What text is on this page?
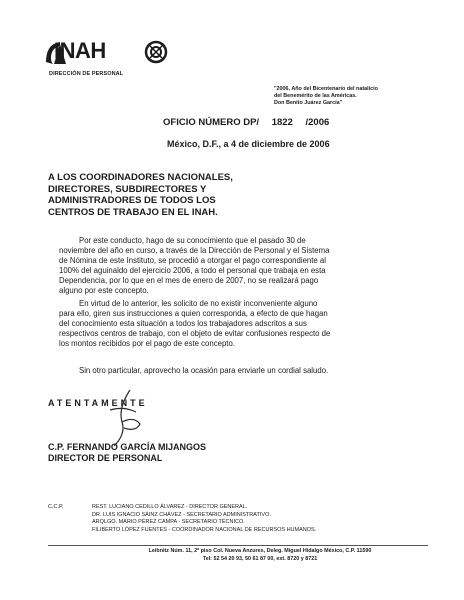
INAH
DIRECCIÓN DE PERSONAL
"2006, Año del Bicentenario del natalicio
del Benemérito de las Américas.
Don Benito Juárez García"
OFICIO NÚMERO DP/ 1822 /2006
México, D.F., a 4 de diciembre de 2006
A LOS COORDINADORES NACIONALES,
DIRECTORES, SUBDIRECTORES Y
ADMINISTRADORES DE TODOS LOS
CENTROS DE TRABAJO EN EL INAH.
Por este conducto, hago de su conocimiento que el pasado 30 de
noviembre del año en curso, a través de la Dirección de Personal y el Sistema
de Nómina de este Instituto, se procedió a otorgar el pago correspondiente al
100% del aguinaldo del ejercicio 2006, a todo el personal que trabaja en esta
Dependencia, por lo que en el mes de enero de 2007, no se realizará pago
alguno por este concepto.
En virtud de lo anterior, les solicito de no existir inconveniente alguno
para ello, giren sus instrucciones a quien corresponda, a efecto de que hagan
del conocimiento esta situación a todos los trabajadores adscritos a sus
respectivos centros de trabajo, con el objeto de evitar confusiones respecto de
los montos recibidos por el pago de este concepto.
Sin otro particular, aprovecho la ocasión para enviarle un cordial saludo.
ATENTAMENTE
C.P. FERNANDO GARCÍA MIJANGOS
DIRECTOR DE PERSONAL
C.C.P.	REST. LUCIANO CEDILLO ÁLVAREZ - DIRECTOR GENERAL.
DR. LUIS IGNACIO SÁINZ CHÁVEZ - SECRETARIO ADMINISTRATIVO.
ARQLGO. MARIO PÉREZ CAMPA - SECRETARIO TÉCNICO.
FILIBERTO LÓPEZ FUENTES - COORDINADOR NACIONAL DE RECURSOS HUMANOS.
Leibnitz Núm. 11, 2º piso Col. Nueva Anzures, Deleg. Miguel Hidalgo México, C.P. 11590
Tel: 52 54 20 93, 50 61 87 00, ext. 8720 y 8721
